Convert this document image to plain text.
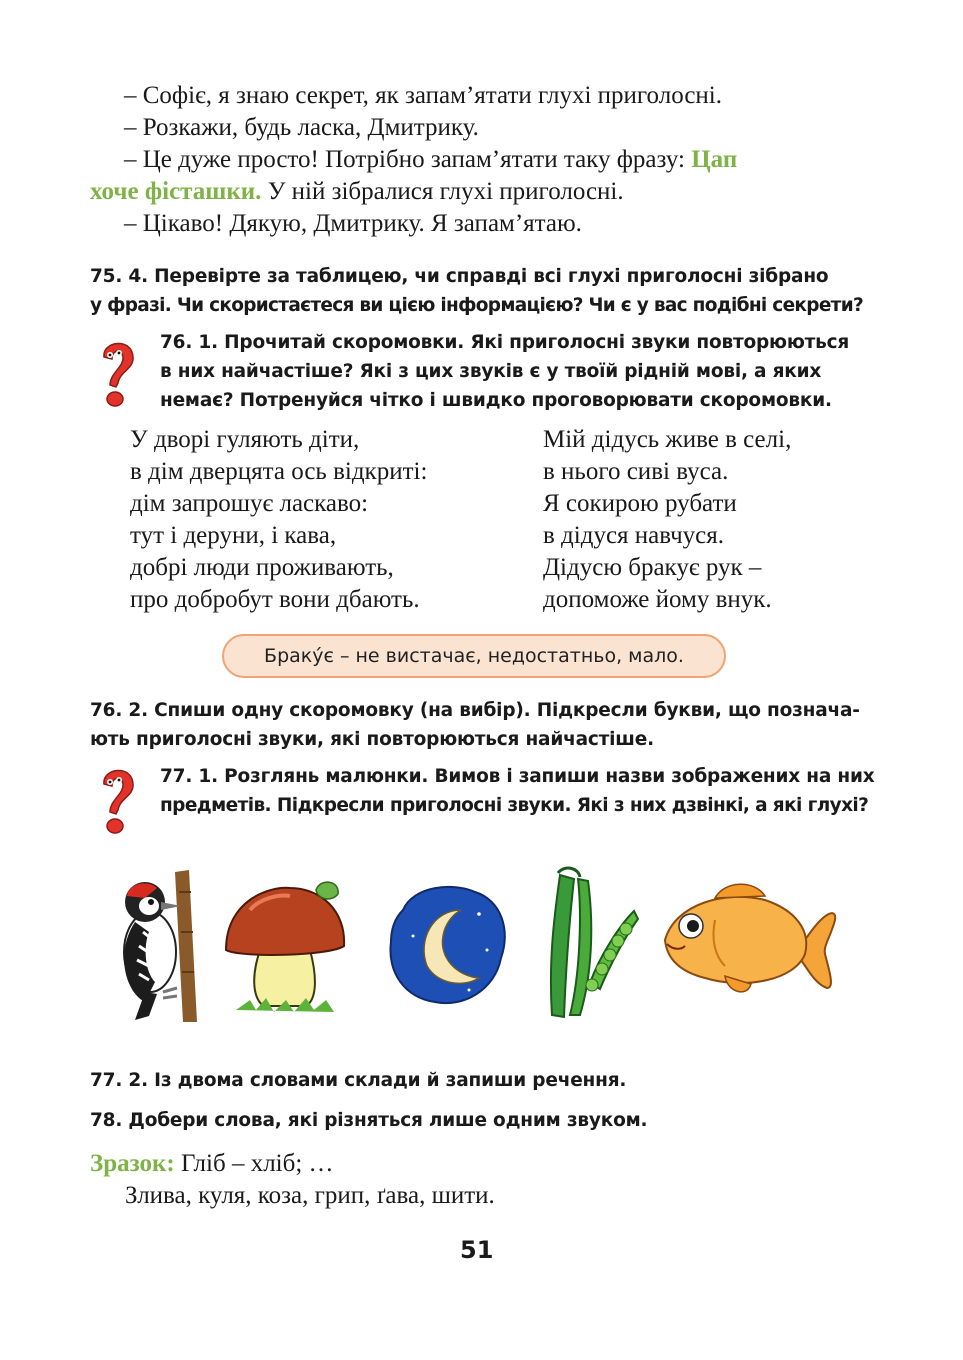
– Софіє, я знаю секрет, як запам’ятати глухі приголосні.
– Розкажи, будь ласка, Дмитрику.
– Це дуже просто! Потрібно запам’ятати таку фразу: Цап
хоче фісташки. У ній зібралися глухі приголосні.
– Цікаво! Дякую, Дмитрику. Я запам’ятаю.
75. 4. Перевірте за таблицею, чи справді всі глухі приголосні зібрано
у фразі. Чи скористаєтеся ви цією інформацією? Чи є у вас подібні секрети?
76. 1. Прочитай скоромовки. Які приголосні звуки повторюються
в них найчастіше? Які з цих звуків є у твоїй рідній мові, а яких
немає? Потренуйся чітко і швидко проговорювати скоромовки.
У дворі гуляють діти,
в дім дверцята ось відкриті:
дім запрошує ласкаво:
тут і деруни, і кава,
добрі люди проживають,
про добробут вони дбають.
Мій дідусь живе в селі,
в нього сиві вуса.
Я сокирою рубати
в дідуся навчуся.
Дідусю бракує рук –
допоможе йому внук.
Бракýє – не вистачає, недостатньо, мало.
76. 2. Спиши одну скоромовку (на вибір). Підкресли букви, що познача-
ють приголосні звуки, які повторюються найчастіше.
77. 1. Розглянь малюнки. Вимов і запиши назви зображених на них
предметів. Підкресли приголосні звуки. Які з них дзвінкі, а які глухі?
77. 2. Із двома словами склади й запиши речення.
78. Добери слова, які різняться лише одним звуком.
Зразок: Гліб – хліб; …
Злива, куля, коза, грип, ґава, шити.
51
